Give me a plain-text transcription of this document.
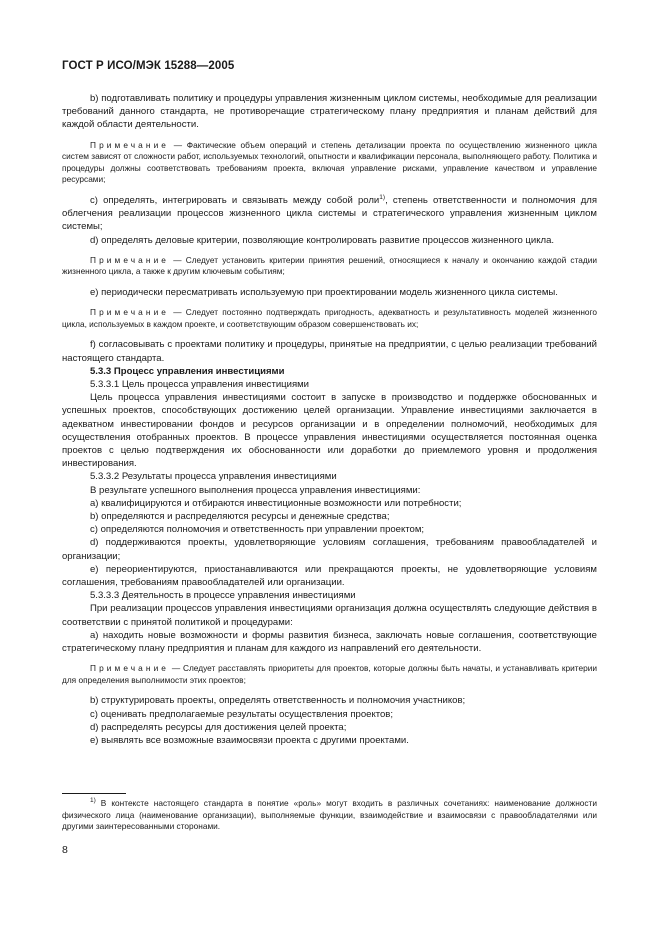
ГОСТ Р ИСО/МЭК 15288—2005

b) подготавливать политику и процедуры управления жизненным циклом системы, необходимые для реализации требований данного стандарта, не противоречащие стратегическому плану предприятия и планам действий для каждой области деятельности.

Примечание — Фактические объем операций и степень детализации проекта по осуществлению жизненного цикла систем зависят от сложности работ, используемых технологий, опытности и квалификации персонала, выполняющего работу. Политика и процедуры должны соответствовать требованиям проекта, включая управление рисками, управление качеством и управление ресурсами;

c) определять, интегрировать и связывать между собой роли$^{1)}$, степень ответственности и полномочия для облегчения реализации процессов жизненного цикла системы и стратегического управления жизненным циклом системы;

d) определять деловые критерии, позволяющие контролировать развитие процессов жизненного цикла.

Примечание — Следует установить критерии принятия решений, относящиеся к началу и окончанию каждой стадии жизненного цикла, а также к другим ключевым событиям;

e) периодически пересматривать используемую при проектировании модель жизненного цикла системы.

Примечание — Следует постоянно подтверждать пригодность, адекватность и результативность моделей жизненного цикла, используемых в каждом проекте, и соответствующим образом совершенствовать их;

f) согласовывать с проектами политику и процедуры, принятые на предприятии, с целью реализации требований настоящего стандарта.

5.3.3 Процесс управления инвестициями

5.3.3.1 Цель процесса управления инвестициями

Цель процесса управления инвестициями состоит в запуске в производство и поддержке обоснованных и успешных проектов, способствующих достижению целей организации. Управление инвестициями заключается в адекватном инвестировании фондов и ресурсов организации и в определении полномочий, необходимых для осуществления отобранных проектов. В процессе управления инвестициями осуществляется постоянная оценка проектов с целью подтверждения их обоснованности или доработки до приемлемого уровня и продолжения инвестирования.

5.3.3.2 Результаты процесса управления инвестициями

В результате успешного выполнения процесса управления инвестициями:

а) квалифицируются и отбираются инвестиционные возможности или потребности;

b) определяются и распределяются ресурсы и денежные средства;

c) определяются полномочия и ответственность при управлении проектом;

d) поддерживаются проекты, удовлетворяющие условиям соглашения, требованиям правообладателей и организации;

e) переориентируются, приостанавливаются или прекращаются проекты, не удовлетворяющие условиям соглашения, требованиям правообладателей или организации.

5.3.3.3 Деятельность в процессе управления инвестициями

При реализации процессов управления инвестициями организация должна осуществлять следующие действия в соответствии с принятой политикой и процедурами:

а) находить новые возможности и формы развития бизнеса, заключать новые соглашения, соответствующие стратегическому плану предприятия и планам для каждого из направлений его деятельности.

Примечание — Следует расставлять приоритеты для проектов, которые должны быть начаты, и устанавливать критерии для определения выполнимости этих проектов;

b) структурировать проекты, определять ответственность и полномочия участников;

c) оценивать предполагаемые результаты осуществления проектов;

d) распределять ресурсы для достижения целей проекта;

e) выявлять все возможные взаимосвязи проекта с другими проектами.

$^{1)}$ В контексте настоящего стандарта в понятие «роль» могут входить в различных сочетаниях: наименование должности физического лица (наименование организации), выполняемые функции, взаимодействие и взаимосвязи с правообладателями или другими заинтересованными сторонами.
8
